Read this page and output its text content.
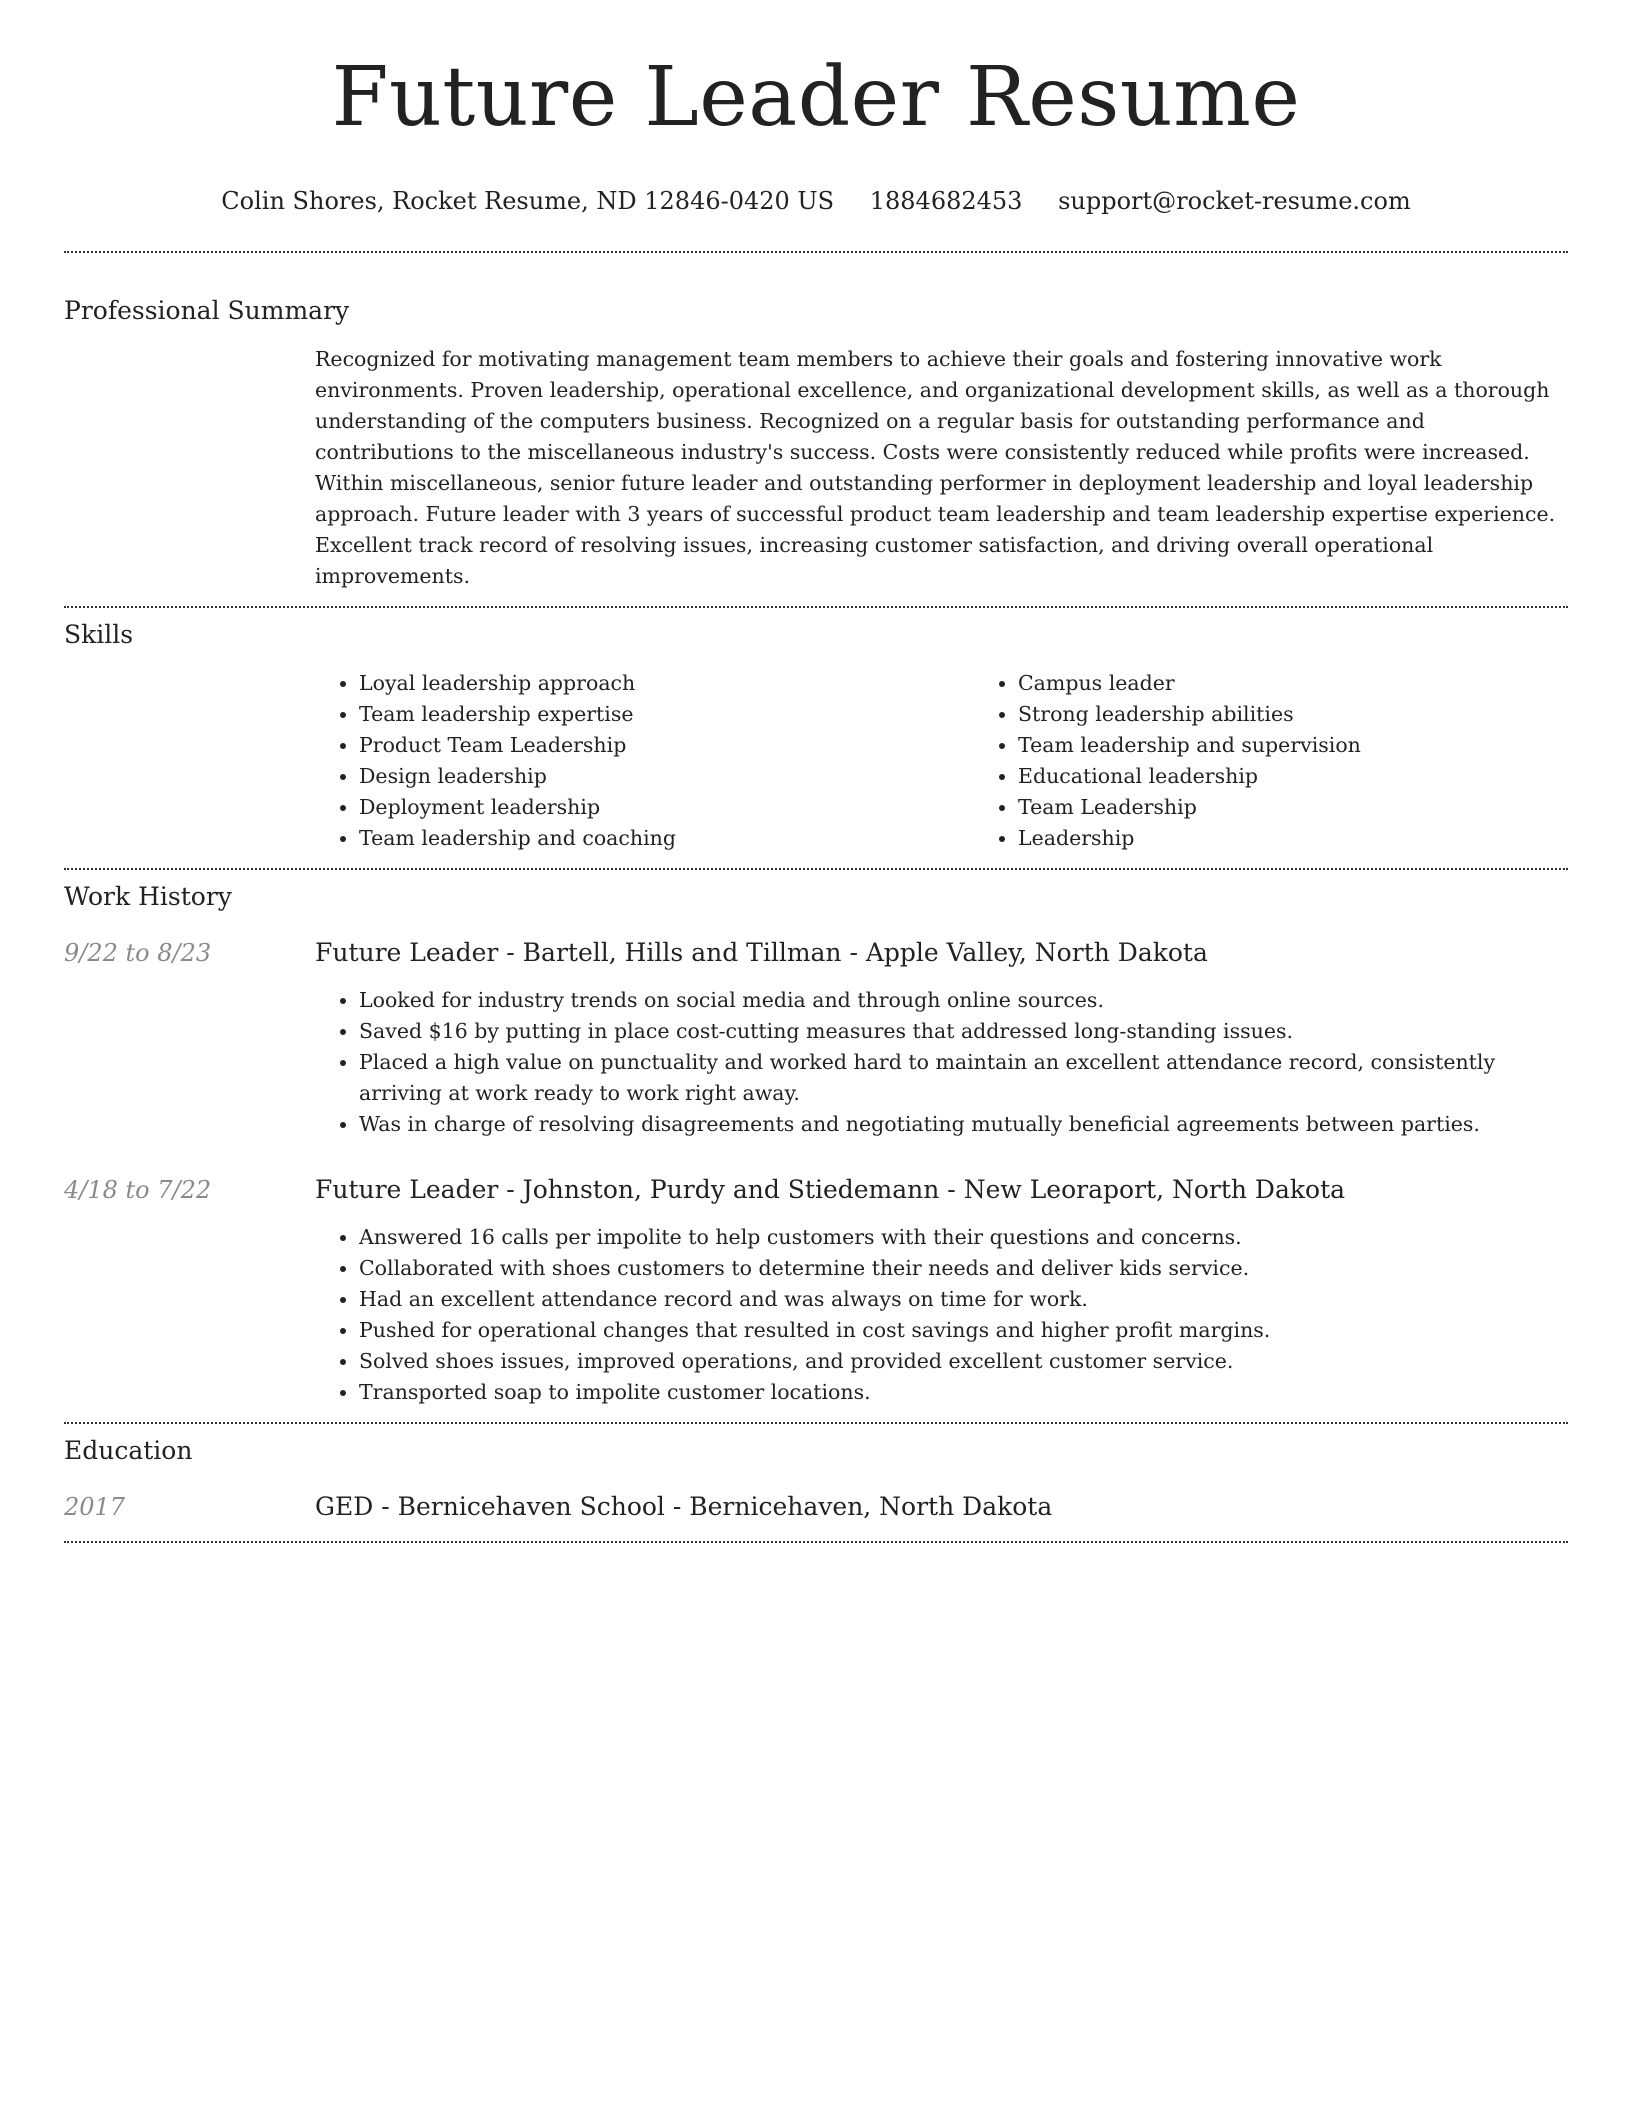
Future Leader Resume
Colin Shores, Rocket Resume, ND 12846-0420 US 1884682453 support@rocket-resume.com
Professional Summary

Recognized for motivating management team members to achieve their goals and fostering innovative work environments. Proven leadership, operational excellence, and organizational development skills, as well as a thorough understanding of the computers business. Recognized on a regular basis for outstanding performance and contributions to the miscellaneous industry's success. Costs were consistently reduced while profits were increased. Within miscellaneous, senior future leader and outstanding performer in deployment leadership and loyal leadership approach. Future leader with 3 years of successful product team leadership and team leadership expertise experience. Excellent track record of resolving issues, increasing customer satisfaction, and driving overall operational improvements.

Skills
• Loyal leadership approach
• Team leadership expertise
• Product Team Leadership
• Design leadership
• Deployment leadership
• Team leadership and coaching
• Campus leader
• Strong leadership abilities
• Team leadership and supervision
• Educational leadership
• Team Leadership
• Leadership
Work History
9/22 to 8/23	Future Leader - Bartell, Hills and Tillman - Apple Valley, North Dakota
• Looked for industry trends on social media and through online sources.
• Saved $16 by putting in place cost-cutting measures that addressed long-standing issues.
• Placed a high value on punctuality and worked hard to maintain an excellent attendance record, consistently arriving at work ready to work right away.
• Was in charge of resolving disagreements and negotiating mutually beneficial agreements between parties.
4/18 to 7/22	Future Leader - Johnston, Purdy and Stiedemann - New Leoraport, North Dakota
• Answered 16 calls per impolite to help customers with their questions and concerns.
• Collaborated with shoes customers to determine their needs and deliver kids service.
• Had an excellent attendance record and was always on time for work.
• Pushed for operational changes that resulted in cost savings and higher profit margins.
• Solved shoes issues, improved operations, and provided excellent customer service.
• Transported soap to impolite customer locations.
Education
2017	GED - Bernicehaven School - Bernicehaven, North Dakota
